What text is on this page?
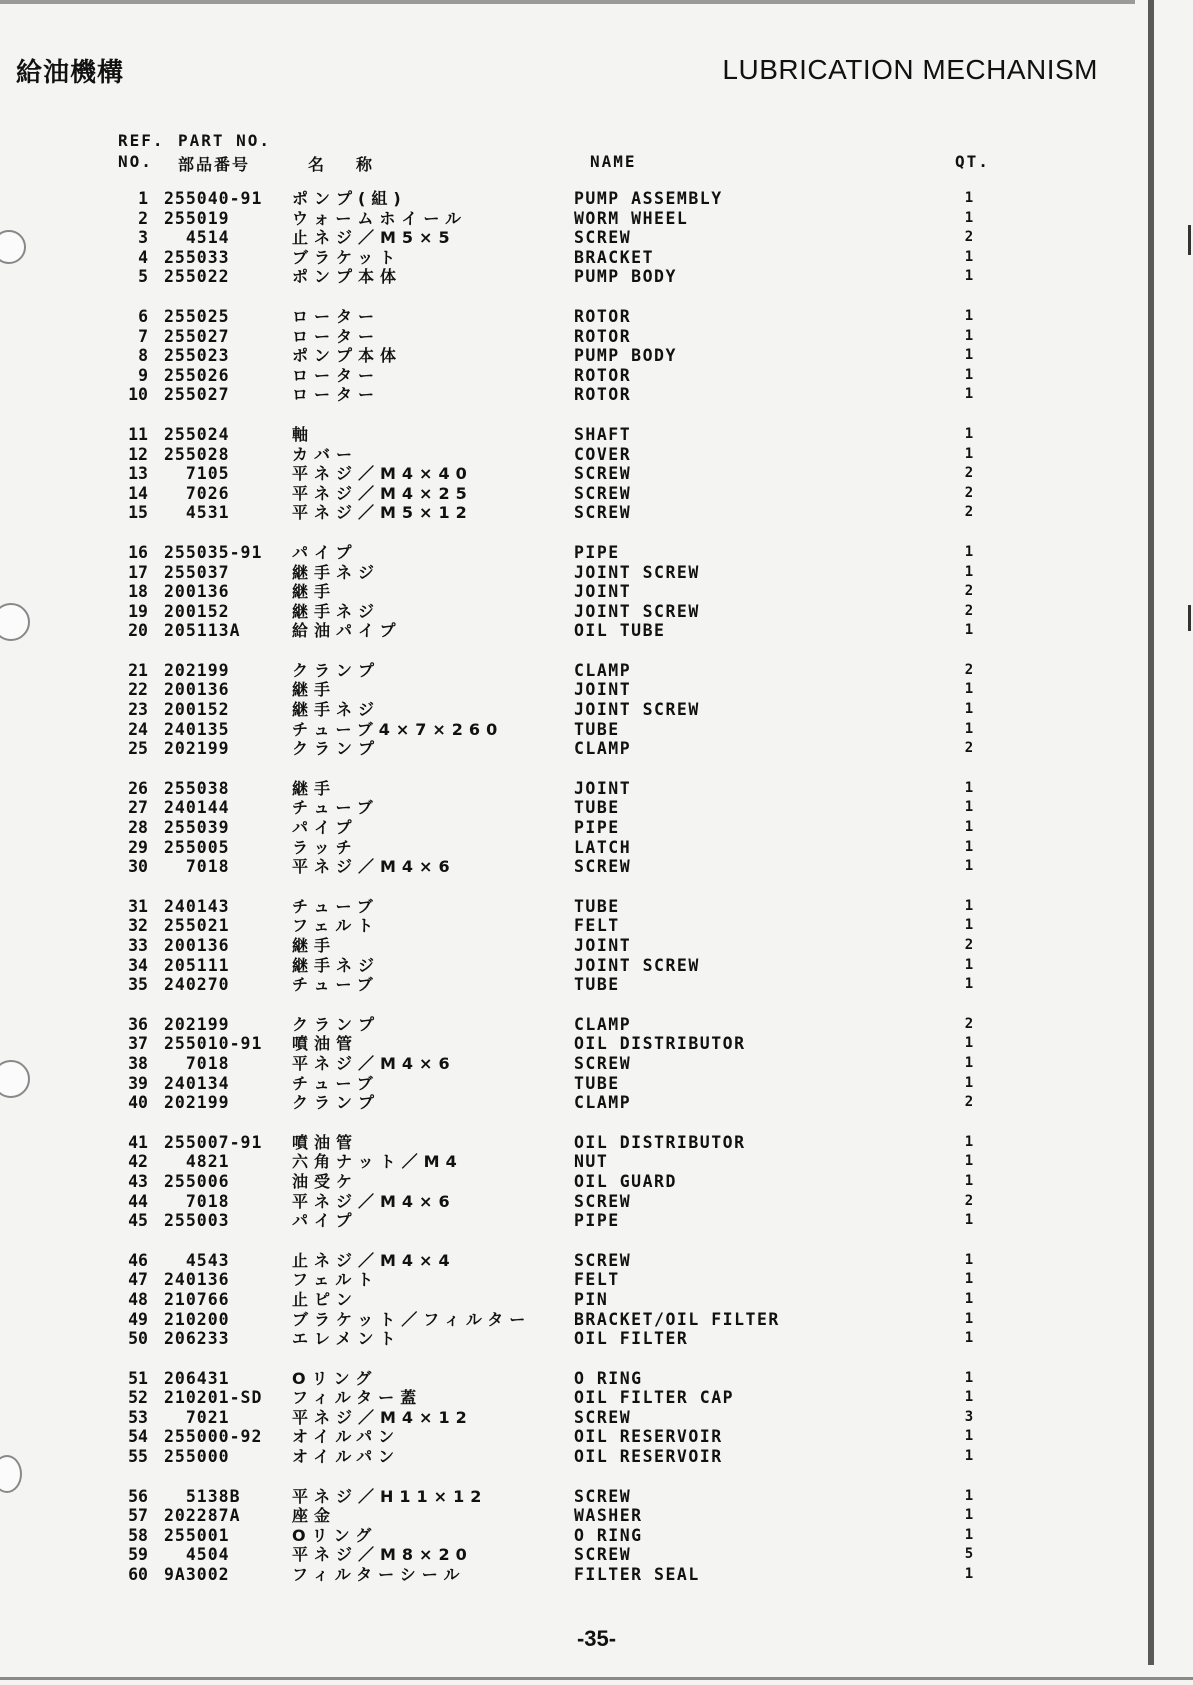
給油機構	LUBRICATION MECHANISM
REF.
NO.
PART NO.
部品番号	名　称	NAME	QT.
1 255040-91	ポンプ(組)	PUMP ASSEMBLY	1
2 255019	ウォームホイール	WORM WHEEL	1
3 4514	止ネジ／M5×5	SCREW	2
4 255033	ブラケット	BRACKET	1
5 255022	ポンプ本体	PUMP BODY	1
6 255025	ローター	ROTOR	1
7 255027	ローター	ROTOR	1
8 255023	ポンプ本体	PUMP BODY	1
9 255026	ローター	ROTOR	1
10 255027	ローター	ROTOR	1
11 255024	軸	SHAFT	1
12 255028	カバー	COVER	1
13 7105	平ネジ／M4×40	SCREW	2
14 7026	平ネジ／M4×25	SCREW	2
15 4531	平ネジ／M5×12	SCREW	2
16 255035-91	パイプ	PIPE	1
17 255037	継手ネジ	JOINT SCREW	1
18 200136	継手	JOINT	2
19 200152	継手ネジ	JOINT SCREW	2
20 205113A	給油パイプ	OIL TUBE	1
21 202199	クランプ	CLAMP	2
22 200136	継手	JOINT	1
23 200152	継手ネジ	JOINT SCREW	1
24 240135	チューブ4×7×260	TUBE	1
25 202199	クランプ	CLAMP	2
26 255038	継手	JOINT	1
27 240144	チューブ	TUBE	1
28 255039	パイプ	PIPE	1
29 255005	ラッチ	LATCH	1
30 7018	平ネジ／M4×6	SCREW	1
31 240143	チューブ	TUBE	1
32 255021	フェルト	FELT	1
33 200136	継手	JOINT	2
34 205111	継手ネジ	JOINT SCREW	1
35 240270	チューブ	TUBE	1
36 202199	クランプ	CLAMP	2
37 255010-91	噴油管	OIL DISTRIBUTOR	1
38 7018	平ネジ／M4×6	SCREW	1
39 240134	チューブ	TUBE	1
40 202199	クランプ	CLAMP	2
41 255007-91	噴油管	OIL DISTRIBUTOR	1
42 4821	六角ナット／M4	NUT	1
43 255006	油受ケ	OIL GUARD	1
44 7018	平ネジ／M4×6	SCREW	2
45 255003	パイプ	PIPE	1
46 4543	止ネジ／M4×4	SCREW	1
47 240136	フェルト	FELT	1
48 210766	止ピン	PIN	1
49 210200	ブラケット／フィルター	BRACKET/OIL FILTER	1
50 206233	エレメント	OIL FILTER	1
51 206431	Oリング	O RING	1
52 210201-SD	フィルター蓋	OIL FILTER CAP	1
53 7021	平ネジ／M4×12	SCREW	3
54 255000-92	オイルパン	OIL RESERVOIR	1
55 255000	オイルパン	OIL RESERVOIR	1
56 5138B	平ネジ／H11×12	SCREW	1
57 202287A	座金	WASHER	1
58 255001	Oリング	O RING	1
59 4504	平ネジ／M8×20	SCREW	5
60 9A3002	フィルターシール	FILTER SEAL	1
-35-
